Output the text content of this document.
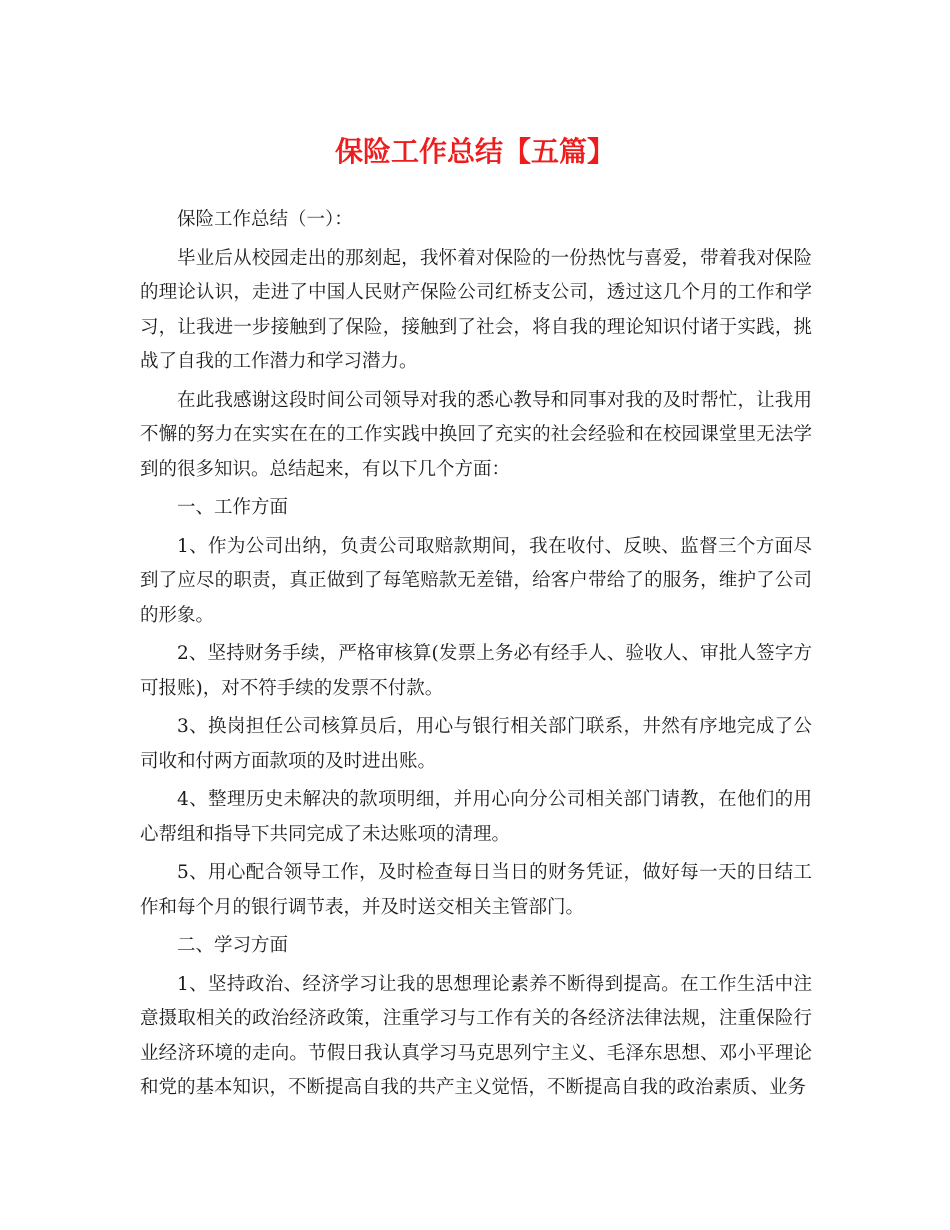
保险工作总结【五篇】

保险工作总结（一）：

毕业后从校园走出的那刻起，我怀着对保险的一份热忱与喜爱，带着我对保险的理论认识，走进了中国人民财产保险公司红桥支公司，透过这几个月的工作和学习，让我进一步接触到了保险，接触到了社会，将自我的理论知识付诸于实践，挑战了自我的工作潜力和学习潜力。

在此我感谢这段时间公司领导对我的悉心教导和同事对我的及时帮忙，让我用不懈的努力在实实在在的工作实践中换回了充实的社会经验和在校园课堂里无法学到的很多知识。总结起来，有以下几个方面：

一、工作方面

1、作为公司出纳，负责公司取赔款期间，我在收付、反映、监督三个方面尽到了应尽的职责，真正做到了每笔赔款无差错，给客户带给了的服务，维护了公司的形象。

2、坚持财务手续，严格审核算(发票上务必有经手人、验收人、审批人签字方可报账)，对不符手续的发票不付款。

3、换岗担任公司核算员后，用心与银行相关部门联系，井然有序地完成了公司收和付两方面款项的及时进出账。

4、整理历史未解决的款项明细，并用心向分公司相关部门请教，在他们的用心帮组和指导下共同完成了未达账项的清理。

5、用心配合领导工作，及时检查每日当日的财务凭证，做好每一天的日结工作和每个月的银行调节表，并及时送交相关主管部门。

二、学习方面

1、坚持政治、经济学习让我的思想理论素养不断得到提高。在工作生活中注意摄取相关的政治经济政策，注重学习与工作有关的各经济法律法规，注重保险行业经济环境的走向。节假日我认真学习马克思列宁主义、毛泽东思想、邓小平理论和党的基本知识，不断提高自我的共产主义觉悟，不断提高自我的政治素质、业务
